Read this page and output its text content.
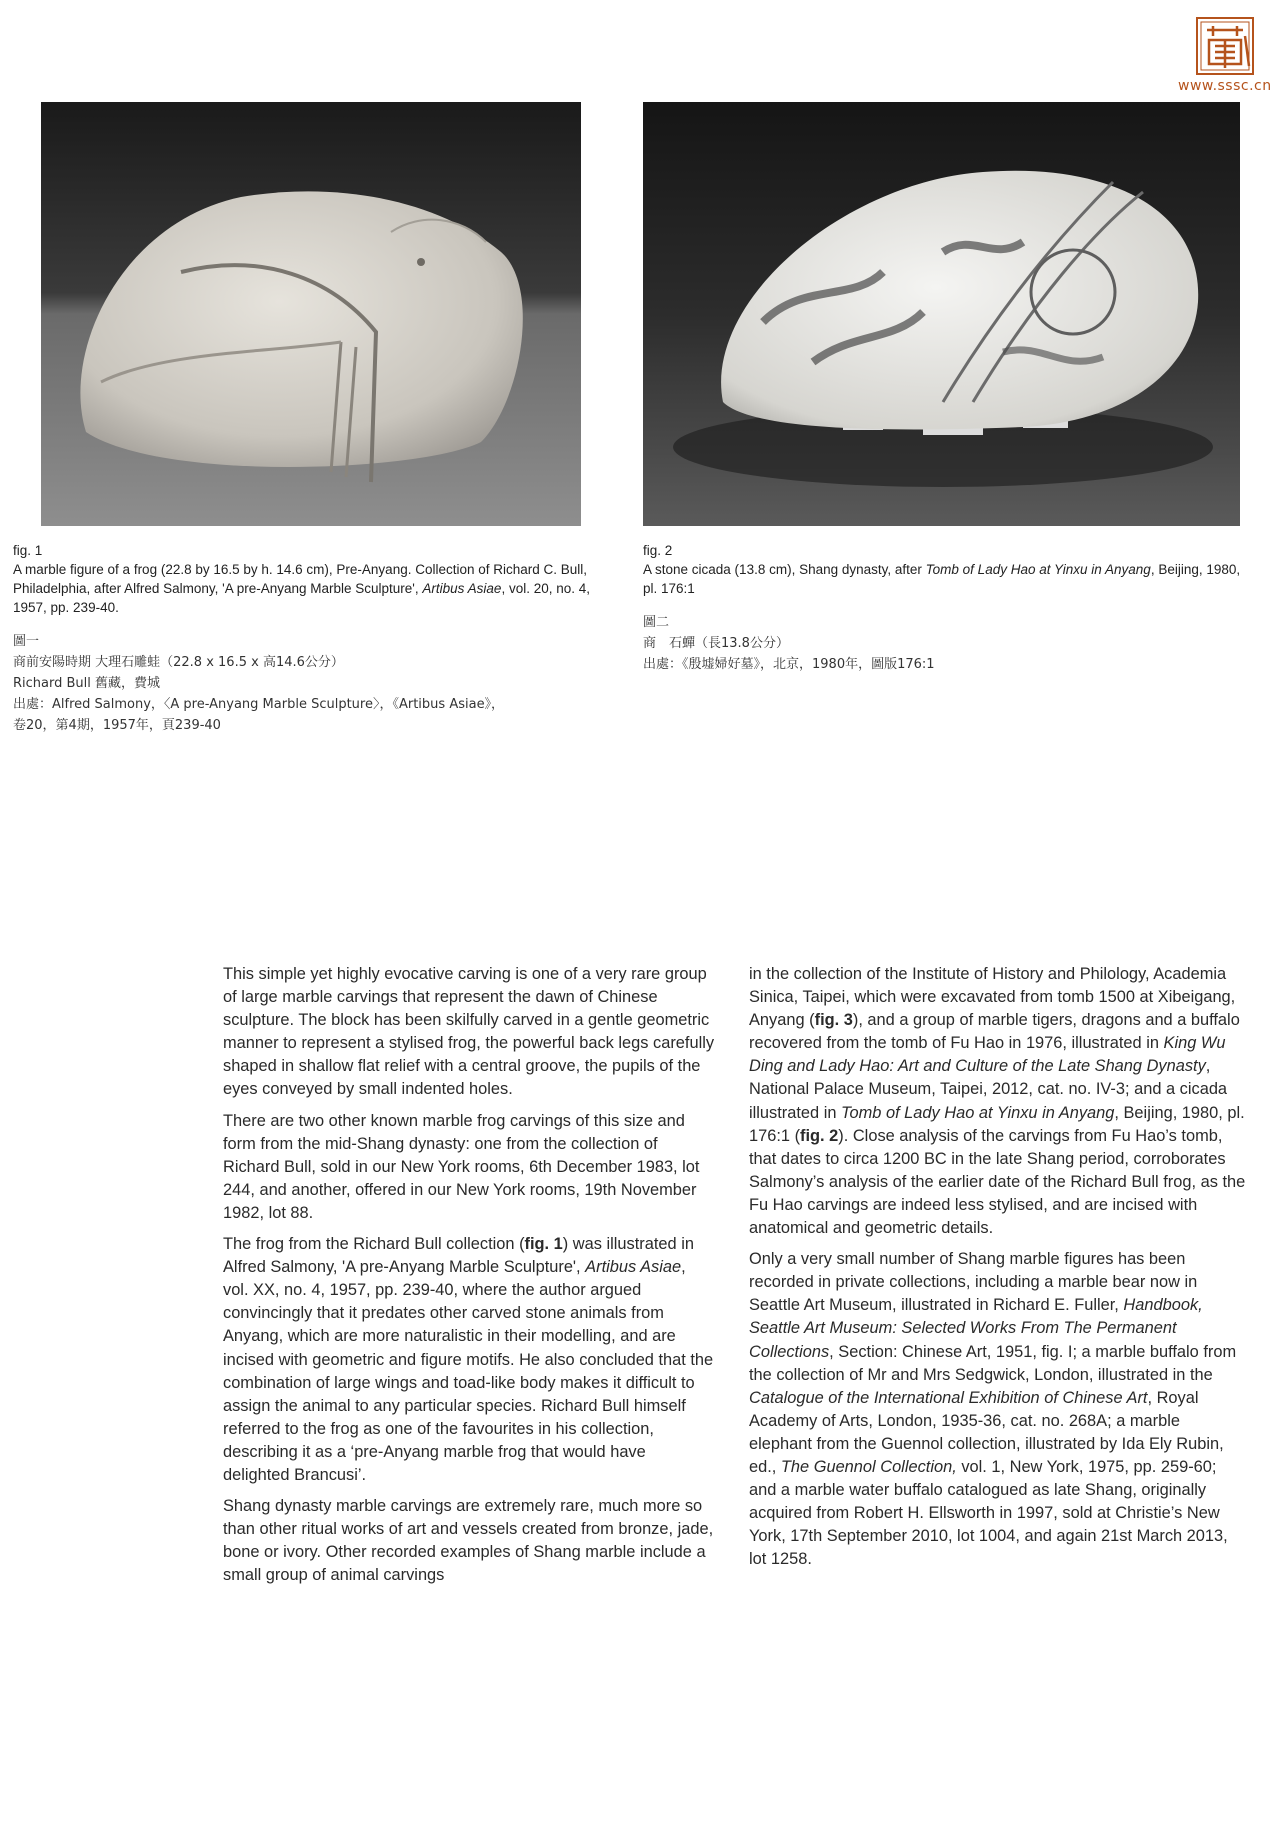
www.sssc.cn
fig. 1

A marble figure of a frog (22.8 by 16.5 by h. 14.6 cm), Pre-Anyang. Collection of Richard C. Bull, Philadelphia, after Alfred Salmony, 'A pre-Anyang Marble Sculpture', Artibus Asiae, vol. 20, no. 4, 1957, pp. 239-40.

圖一
商前安陽時期 大理石雕蛙（22.8 x 16.5 x 高14.6公分）
Richard Bull 舊藏，費城
出處：Alfred Salmony，〈A pre-Anyang Marble Sculpture〉，《Artibus Asiae》，
卷20，第4期，1957年，頁239-40
fig. 2

A stone cicada (13.8 cm), Shang dynasty, after Tomb of Lady Hao at Yinxu in Anyang, Beijing, 1980, pl. 176:1

圖二
商　石蟬（長13.8公分）
出處：《殷墟婦好墓》，北京，1980年，圖版176:1

This simple yet highly evocative carving is one of a very rare group of large marble carvings that represent the dawn of Chinese sculpture. The block has been skilfully carved in a gentle geometric manner to represent a stylised frog, the powerful back legs carefully shaped in shallow flat relief with a central groove, the pupils of the eyes conveyed by small indented holes.

There are two other known marble frog carvings of this size and form from the mid-Shang dynasty: one from the collection of Richard Bull, sold in our New York rooms, 6th December 1983, lot 244, and another, offered in our New York rooms, 19th November 1982, lot 88.

The frog from the Richard Bull collection (fig. 1) was illustrated in Alfred Salmony, 'A pre-Anyang Marble Sculpture', Artibus Asiae, vol. XX, no. 4, 1957, pp. 239-40, where the author argued convincingly that it predates other carved stone animals from Anyang, which are more naturalistic in their modelling, and are incised with geometric and figure motifs. He also concluded that the combination of large wings and toad-like body makes it difficult to assign the animal to any particular species. Richard Bull himself referred to the frog as one of the favourites in his collection, describing it as a ‘pre-Anyang marble frog that would have delighted Brancusi’.

Shang dynasty marble carvings are extremely rare, much more so than other ritual works of art and vessels created from bronze, jade, bone or ivory. Other recorded examples of Shang marble include a small group of animal carvings

in the collection of the Institute of History and Philology, Academia Sinica, Taipei, which were excavated from tomb 1500 at Xibeigang, Anyang (fig. 3), and a group of marble tigers, dragons and a buffalo recovered from the tomb of Fu Hao in 1976, illustrated in King Wu Ding and Lady Hao: Art and Culture of the Late Shang Dynasty, National Palace Museum, Taipei, 2012, cat. no. IV-3; and a cicada illustrated in Tomb of Lady Hao at Yinxu in Anyang, Beijing, 1980, pl. 176:1 (fig. 2). Close analysis of the carvings from Fu Hao’s tomb, that dates to circa 1200 BC in the late Shang period, corroborates Salmony’s analysis of the earlier date of the Richard Bull frog, as the Fu Hao carvings are indeed less stylised, and are incised with anatomical and geometric details.

Only a very small number of Shang marble figures has been recorded in private collections, including a marble bear now in Seattle Art Museum, illustrated in Richard E. Fuller, Handbook, Seattle Art Museum: Selected Works From The Permanent Collections, Section: Chinese Art, 1951, fig. I; a marble buffalo from the collection of Mr and Mrs Sedgwick, London, illustrated in the Catalogue of the International Exhibition of Chinese Art, Royal Academy of Arts, London, 1935-36, cat. no. 268A; a marble elephant from the Guennol collection, illustrated by Ida Ely Rubin, ed., The Guennol Collection, vol. 1, New York, 1975, pp. 259-60; and a marble water buffalo catalogued as late Shang, originally acquired from Robert H. Ellsworth in 1997, sold at Christie’s New York, 17th September 2010, lot 1004, and again 21st March 2013, lot 1258.
